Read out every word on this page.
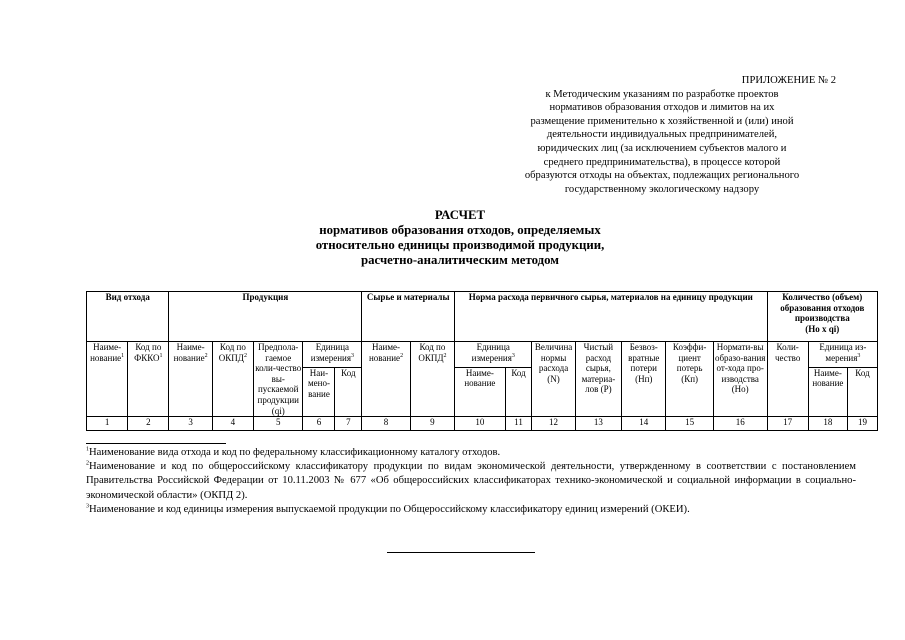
ПРИЛОЖЕНИЕ № 2
к Методическим указаниям по разработке проектов
нормативов образования отходов и лимитов на их
размещение применительно к хозяйственной и (или) иной
деятельности индивидуальных предпринимателей,
юридических лиц (за исключением субъектов малого и
среднего предпринимательства), в процессе которой
образуются отходы на объектах, подлежащих регионального
государственному экологическому надзору
РАСЧЕТ
нормативов образования отходов, определяемых
относительно единицы производимой продукции,
расчетно-аналитическим методом
Вид отхода		Продукция					Сырье и материалы		Норма расхода первичного сырья, материалов на единицу продукции							Количество (объем) образования отходов производства
(Нo х qi)		
Наиме-нование$^1$	Код по ФККО$^1$	Наиме-нование$^2$	Код по ОКПД$^2$	Предпола-гаемое коли-чество вы-пускаемой продукции (qi)	Единица измерения$^3$		Наиме-нование$^2$	Код по ОКПД$^2$	Единица измерения$^3$		Величина нормы расхода (N)	Чистый расход сырья, материа-лов (P)	Безвоз-вратные потери (Нп)	Коэффи-циент потерь (Кп)	Нормати-вы образо-вания от-хода про-изводства (Нo)	Коли-чество	Единица из-мерения$^3$
					Наи-мено-вание	Код			Наиме-нование	Код							Наиме-нование	Код
1	2	3	4	5	6	7	8	9	10	11	12	13	14	15	16	17	18	19

$^1$Наименование вида отхода и код по федеральному классификационному каталогу отходов.

$^2$Наименование и код по общероссийскому классификатору продукции по видам экономической деятельности, утвержденному в соответствии с постановлением Правительства Российской Федерации от 10.11.2003 № 677 «Об общероссийских классификаторах технико-экономической и социальной информации в социально-экономической области» (ОКПД 2).

$^3$Наименование и код единицы измерения выпускаемой продукции по Общероссийскому классификатору единиц измерений (ОКЕИ).
